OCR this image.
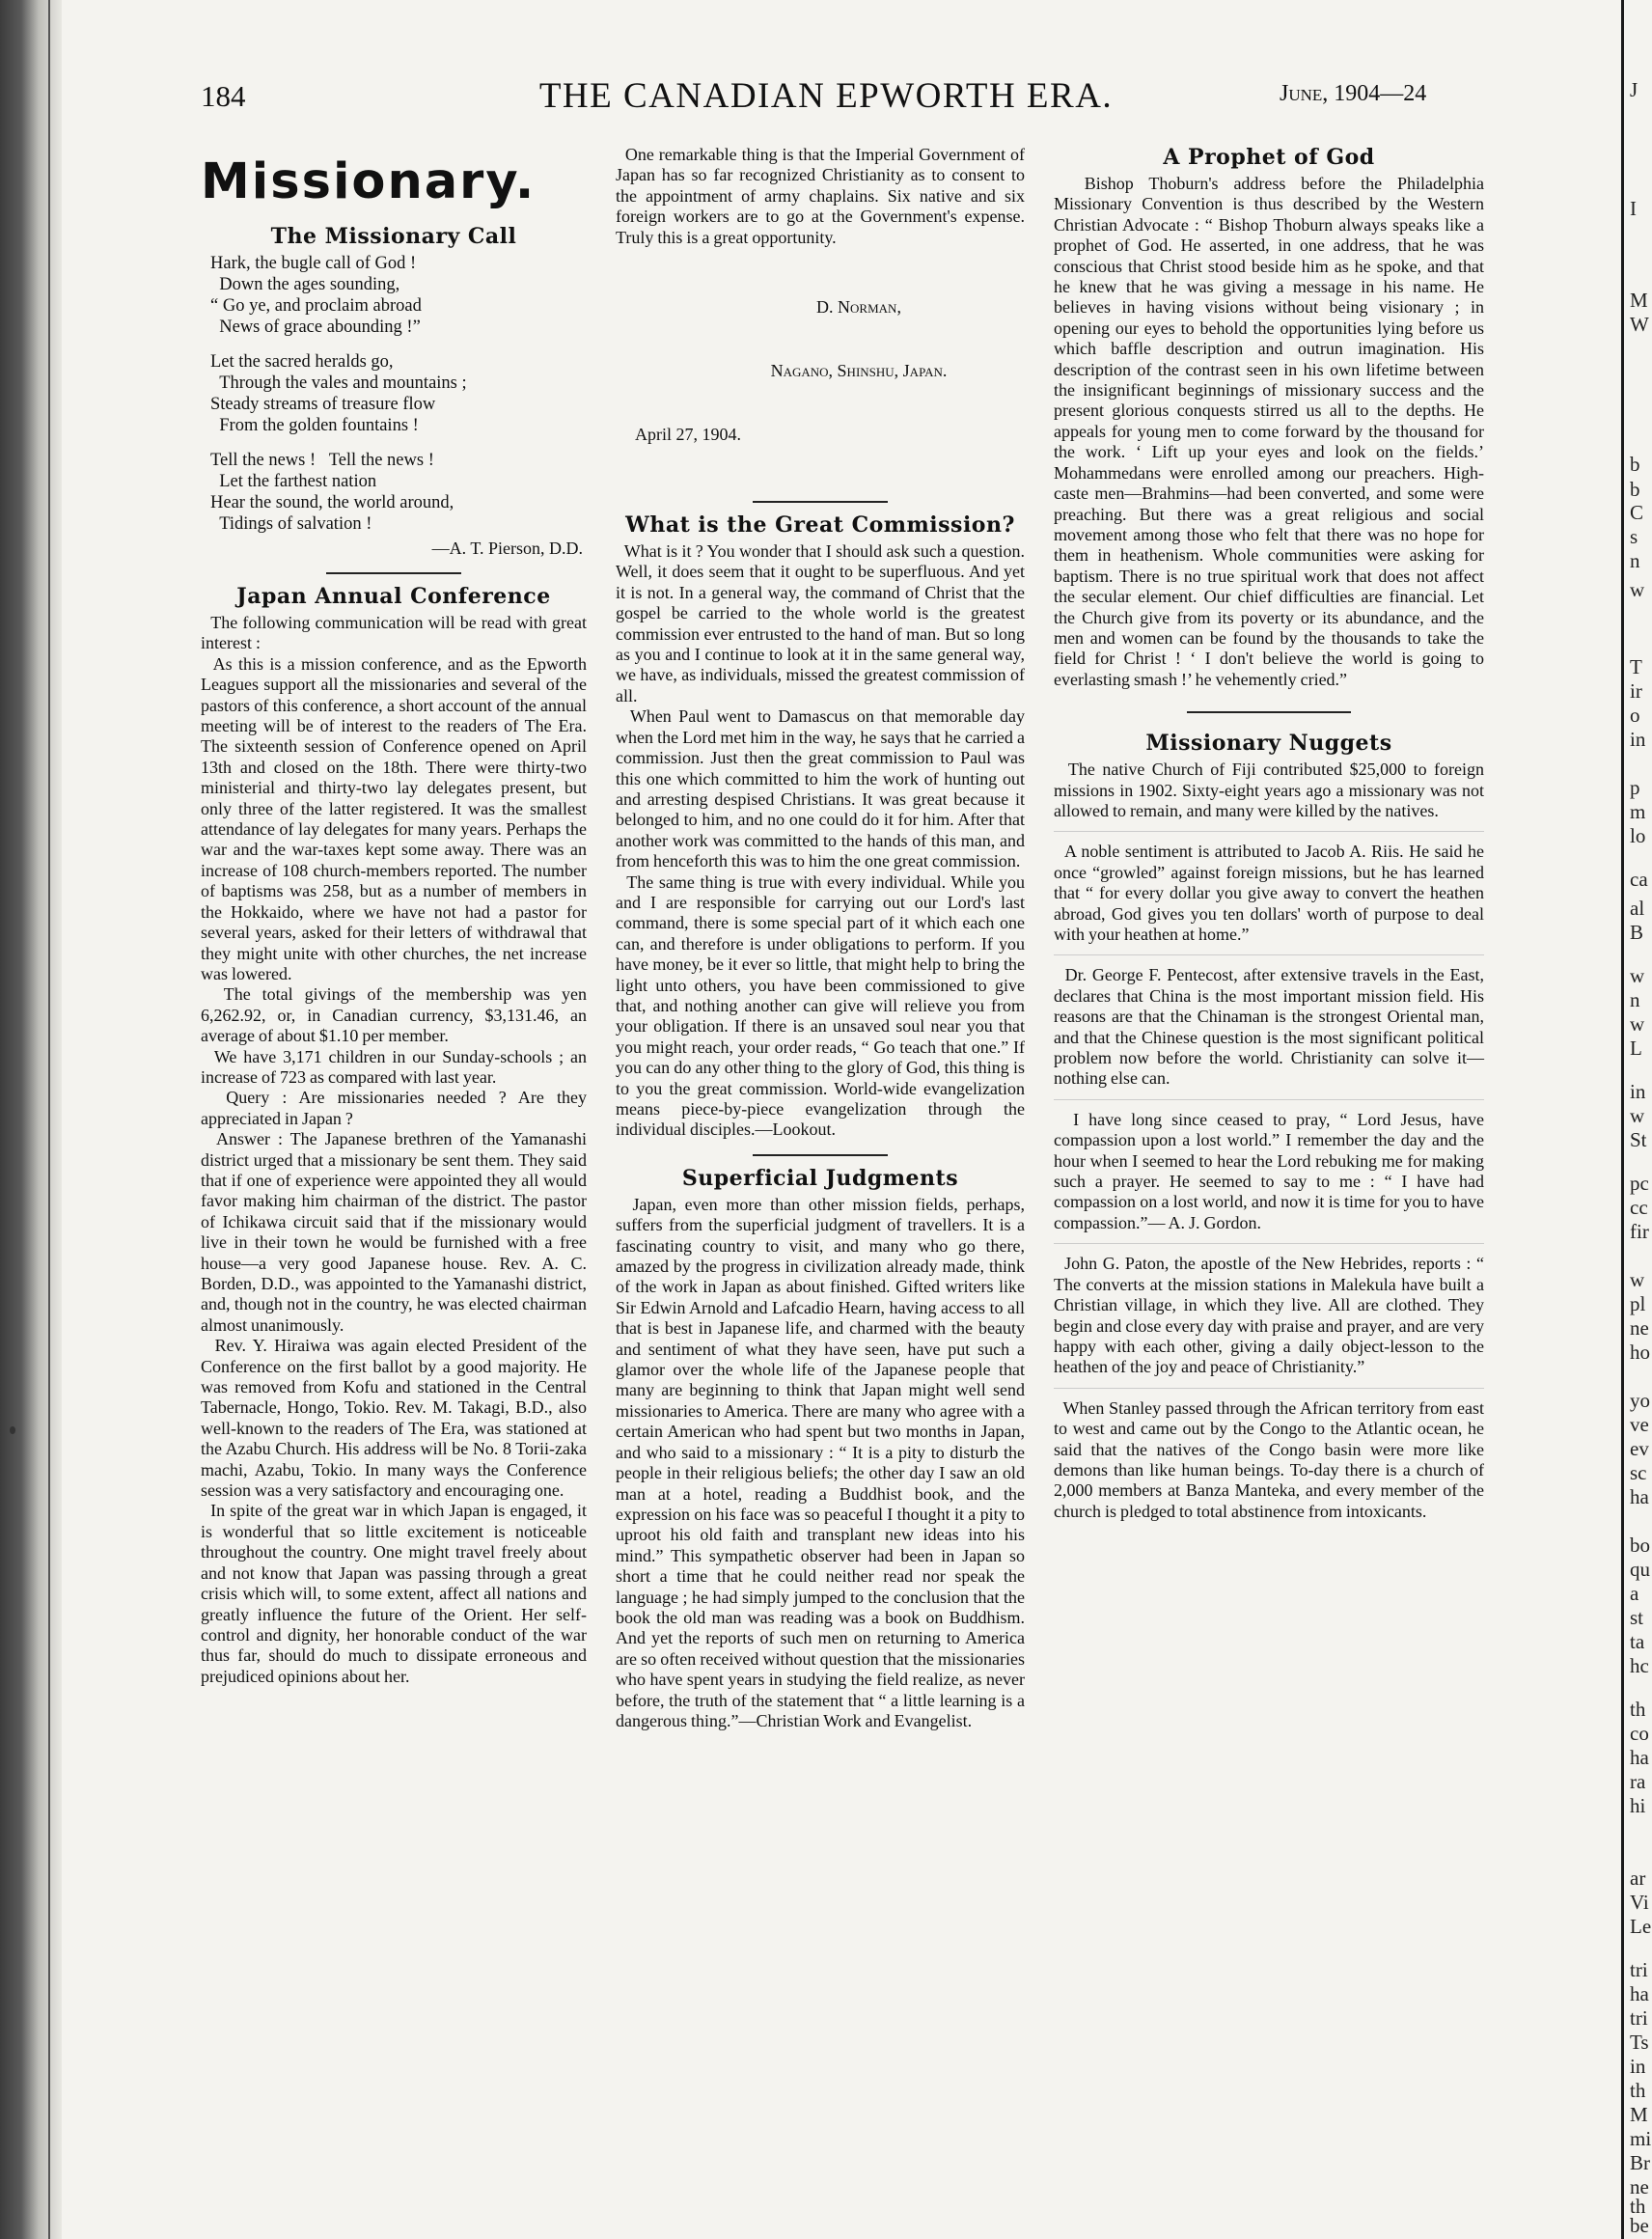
184	THE CANADIAN EPWORTH ERA.	June, 1904—24
Missionary.
The Missionary Call

Hark, the bugle call of God !
Down the ages sounding,
“ Go ye, and proclaim abroad
News of grace abounding !”

Let the sacred heralds go,
Through the vales and mountains ;
Steady streams of treasure flow
From the golden fountains !

Tell the news !   Tell the news !
Let the farthest nation
Hear the sound, the world around,
Tidings of salvation !

—A. T. Pierson, D.D.

Japan Annual Conference

The following communication will be read with great interest :

As this is a mission conference, and as the Epworth Leagues support all the missionaries and several of the pastors of this conference, a short account of the annual meeting will be of interest to the readers of The Era. The sixteenth session of Conference opened on April 13th and closed on the 18th. There were thirty-two ministerial and thirty-two lay delegates present, but only three of the latter registered. It was the smallest attendance of lay delegates for many years. Perhaps the war and the war-taxes kept some away. There was an increase of 108 church-members reported. The number of baptisms was 258, but as a number of members in the Hokkaido, where we have not had a pastor for several years, asked for their letters of withdrawal that they might unite with other churches, the net increase was lowered.

The total givings of the membership was yen 6,262.92, or, in Canadian currency, $3,131.46, an average of about $1.10 per member.

We have 3,171 children in our Sunday-schools ; an increase of 723 as compared with last year.

Query : Are missionaries needed ? Are they appreciated in Japan ?

Answer : The Japanese brethren of the Yamanashi district urged that a missionary be sent them. They said that if one of experience were appointed they all would favor making him chairman of the district. The pastor of Ichikawa circuit said that if the missionary would live in their town he would be furnished with a free house—a very good Japanese house. Rev. A. C. Borden, D.D., was appointed to the Yamanashi district, and, though not in the country, he was elected chairman almost unanimously.

Rev. Y. Hiraiwa was again elected President of the Conference on the first ballot by a good majority. He was removed from Kofu and stationed in the Central Tabernacle, Hongo, Tokio. Rev. M. Takagi, B.D., also well-known to the readers of The Era, was stationed at the Azabu Church. His address will be No. 8 Torii-zaka machi, Azabu, Tokio. In many ways the Conference session was a very satisfactory and encouraging one.

In spite of the great war in which Japan is engaged, it is wonderful that so little excitement is noticeable throughout the country. One might travel freely about and not know that Japan was passing through a great crisis which will, to some extent, affect all nations and greatly influence the future of the Orient. Her self-control and dignity, her honorable conduct of the war thus far, should do much to dissipate erroneous and prejudiced opinions about her.

One remarkable thing is that the Imperial Government of Japan has so far recognized Christianity as to consent to the appointment of army chaplains. Six native and six foreign workers are to go at the Government's expense. Truly this is a great opportunity.

D. Norman,

Nagano, Shinshu, Japan.

April 27, 1904.

What is the Great Commission?

What is it ? You wonder that I should ask such a question. Well, it does seem that it ought to be superfluous. And yet it is not. In a general way, the command of Christ that the gospel be carried to the whole world is the greatest commission ever entrusted to the hand of man. But so long as you and I continue to look at it in the same general way, we have, as individuals, missed the greatest commission of all.

When Paul went to Damascus on that memorable day when the Lord met him in the way, he says that he carried a commission. Just then the great commission to Paul was this one which committed to him the work of hunting out and arresting despised Christians. It was great because it belonged to him, and no one could do it for him. After that another work was committed to the hands of this man, and from henceforth this was to him the one great commission.

The same thing is true with every individual. While you and I are responsible for carrying out our Lord's last command, there is some special part of it which each one can, and therefore is under obligations to perform. If you have money, be it ever so little, that might help to bring the light unto others, you have been commissioned to give that, and nothing another can give will relieve you from your obligation. If there is an unsaved soul near you that you might reach, your order reads, “ Go teach that one.” If you can do any other thing to the glory of God, this thing is to you the great commission. World-wide evangelization means piece-by-piece evangelization through the individual disciples.—Lookout.

Superficial Judgments

Japan, even more than other mission fields, perhaps, suffers from the superficial judgment of travellers. It is a fascinating country to visit, and many who go there, amazed by the progress in civilization already made, think of the work in Japan as about finished. Gifted writers like Sir Edwin Arnold and Lafcadio Hearn, having access to all that is best in Japanese life, and charmed with the beauty and sentiment of what they have seen, have put such a glamor over the whole life of the Japanese people that many are beginning to think that Japan might well send missionaries to America. There are many who agree with a certain American who had spent but two months in Japan, and who said to a missionary : “ It is a pity to disturb the people in their religious beliefs; the other day I saw an old man at a hotel, reading a Buddhist book, and the expression on his face was so peaceful I thought it a pity to uproot his old faith and transplant new ideas into his mind.” This sympathetic observer had been in Japan so short a time that he could neither read nor speak the language ; he had simply jumped to the conclusion that the book the old man was reading was a book on Buddhism. And yet the reports of such men on returning to America are so often received without question that the missionaries who have spent years in studying the field realize, as never before, the truth of the statement that “ a little learning is a dangerous thing.”—Christian Work and Evangelist.

A Prophet of God

Bishop Thoburn's address before the Philadelphia Missionary Convention is thus described by the Western Christian Advocate : “ Bishop Thoburn always speaks like a prophet of God. He asserted, in one address, that he was conscious that Christ stood beside him as he spoke, and that he knew that he was giving a message in his name. He believes in having visions without being visionary ; in opening our eyes to behold the opportunities lying before us which baffle description and outrun imagination. His description of the contrast seen in his own lifetime between the insignificant beginnings of missionary success and the present glorious conquests stirred us all to the depths. He appeals for young men to come forward by the thousand for the work. ‘ Lift up your eyes and look on the fields.’ Mohammedans were enrolled among our preachers. High-caste men—Brahmins—had been converted, and some were preaching. But there was a great religious and social movement among those who felt that there was no hope for them in heathenism. Whole communities were asking for baptism. There is no true spiritual work that does not affect the secular element. Our chief difficulties are financial. Let the Church give from its poverty or its abundance, and the men and women can be found by the thousands to take the field for Christ ! ‘ I don't believe the world is going to everlasting smash !’ he vehemently cried.”

Missionary Nuggets

The native Church of Fiji contributed $25,000 to foreign missions in 1902. Sixty-eight years ago a missionary was not allowed to remain, and many were killed by the natives.

A noble sentiment is attributed to Jacob A. Riis. He said he once “growled” against foreign missions, but he has learned that “ for every dollar you give away to convert the heathen abroad, God gives you ten dollars' worth of purpose to deal with your heathen at home.”

Dr. George F. Pentecost, after extensive travels in the East, declares that China is the most important mission field. His reasons are that the Chinaman is the strongest Oriental man, and that the Chinese question is the most significant political problem now before the world. Christianity can solve it—nothing else can.

I have long since ceased to pray, “ Lord Jesus, have compassion upon a lost world.” I remember the day and the hour when I seemed to hear the Lord rebuking me for making such a prayer. He seemed to say to me : “ I have had compassion on a lost world, and now it is time for you to have compassion.”— A. J. Gordon.

John G. Paton, the apostle of the New Hebrides, reports : “ The converts at the mission stations in Malekula have built a Christian village, in which they live. All are clothed. They begin and close every day with praise and prayer, and are very happy with each other, giving a daily object-lesson to the heathen of the joy and peace of Christianity.”

When Stanley passed through the African territory from east to west and came out by the Congo to the Atlantic ocean, he said that the natives of the Congo basin were more like demons than like human beings. To-day there is a church of 2,000 members at Banza Manteka, and every member of the church is pledged to total abstinence from intoxicants.

J
I
M
W
b
b
C
s
n
w
T
ir
o
in
p
m
lo
ca
al
B
w
n
w
L
in
w
St
pc
cc
fir
w
pl
ne
ho
yo
ve
ev
sc
ha
bo
qu
a
st
ta
hc
th
co
ha
ra
hi
ar
Vi
Le
tri
ha
tri
Ts
in
th
M
mi
Br
ne
th
be
